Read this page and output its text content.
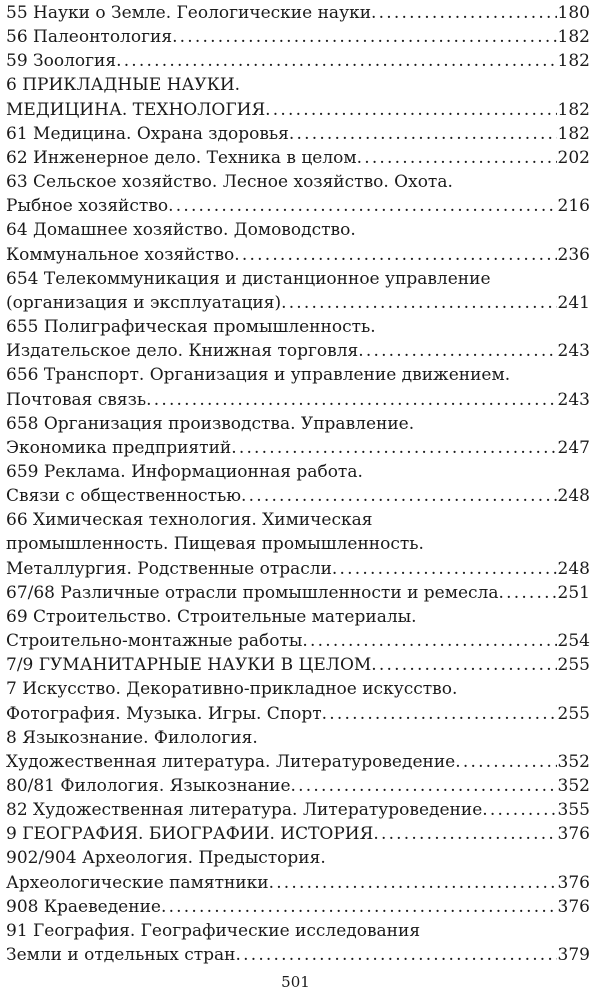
55 Науки о Земле. Геологические науки . . .	180
56 Палеонтология . . .	182
59 Зоология . . .	182
6 ПРИКЛАДНЫЕ НАУКИ.
МЕДИЦИНА. ТЕХНОЛОГИЯ . . .	182
61 Медицина. Охрана здоровья . . .	182
62 Инженерное дело. Техника в целом . . .	202
63 Сельское хозяйство. Лесное хозяйство. Охота.
Рыбное хозяйство . . .	216
64 Домашнее хозяйство. Домоводство.
Коммунальное хозяйство . . .	236
654 Телекоммуникация и дистанционное управление
(организация и эксплуатация) . . .	241
655 Полиграфическая промышленность.
Издательское дело. Книжная торговля . . .	243
656 Транспорт. Организация и управление движением.
Почтовая связь . . .	243
658 Организация производства. Управление.
Экономика предприятий . . .	247
659 Реклама. Информационная работа.
Связи с общественностью . . .	248
66 Химическая технология. Химическая
промышленность. Пищевая промышленность.
Металлургия. Родственные отрасли . . .	248
67/68 Различные отрасли промышленности и ремесла . . .	251
69 Строительство. Строительные материалы.
Строительно-монтажные работы . . .	254
7/9 ГУМАНИТАРНЫЕ НАУКИ В ЦЕЛОМ . . .	255
7 Искусство. Декоративно-прикладное искусство.
Фотография. Музыка. Игры. Спорт . . .	255
8 Языкознание. Филология.
Художественная литература. Литературоведение . . .	352
80/81 Филология. Языкознание . . .	352
82 Художественная литература. Литературоведение . . .	355
9 ГЕОГРАФИЯ. БИОГРАФИИ. ИСТОРИЯ . . .	376
902/904 Археология. Предыстория.
Археологические памятники . . .	376
908 Краеведение . . .	376
91 География. Географические исследования
Земли и отдельных стран . . .	379
501
